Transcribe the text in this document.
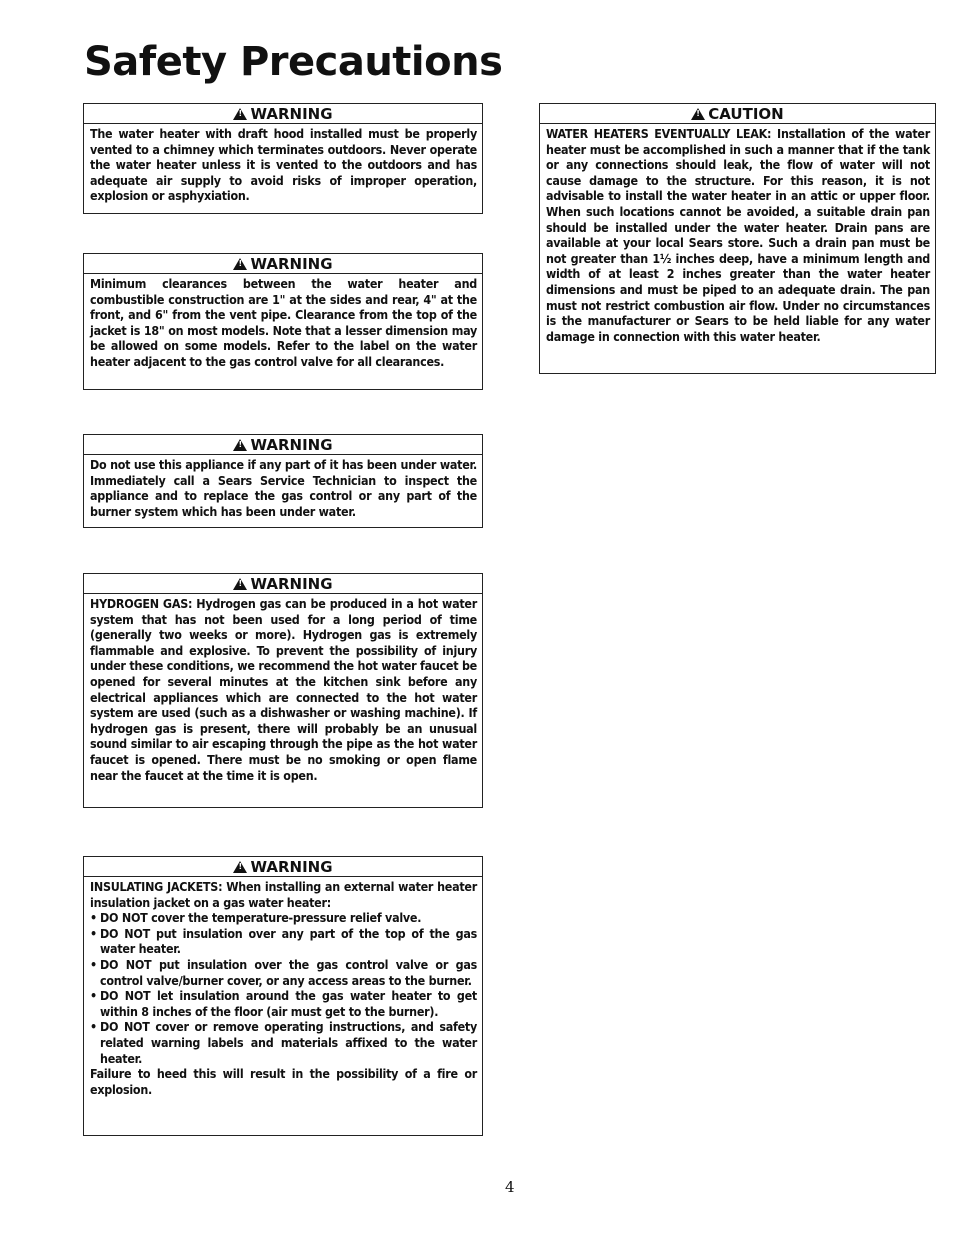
Safety Precautions
!WARNING

The water heater with draft hood installed must be properly vented to a chimney which terminates outdoors. Never operate the water heater unless it is vented to the outdoors and has adequate air supply to avoid risks of improper operation, explosion or asphyxiation.

!WARNING

Minimum clearances between the water heater and combustible construction are 1" at the sides and rear, 4" at the front, and 6" from the vent pipe. Clearance from the top of the jacket is 18" on most models. Note that a lesser dimension may be allowed on some models. Refer to the label on the water heater adjacent to the gas control valve for all clearances.

!WARNING

Do not use this appliance if any part of it has been under water. Immediately call a Sears Service Technician to inspect the appliance and to replace the gas control or any part of the burner system which has been under water.

!WARNING

HYDROGEN GAS: Hydrogen gas can be produced in a hot water system that has not been used for a long period of time (generally two weeks or more). Hydrogen gas is extremely flammable and explosive. To prevent the possibility of injury under these conditions, we recommend the hot water faucet be opened for several minutes at the kitchen sink before any electrical appliances which are connected to the hot water system are used (such as a dishwasher or washing machine). If hydrogen gas is present, there will probably be an unusual sound similar to air escaping through the pipe as the hot water faucet is opened. There must be no smoking or open flame near the faucet at the time it is open.

!WARNING

INSULATING JACKETS: When installing an external water heater insulation jacket on a gas water heater:

• DO NOT cover the temperature-pressure relief valve.
• DO NOT put insulation over any part of the top of the gas water heater.
• DO NOT put insulation over the gas control valve or gas control valve/burner cover, or any access areas to the burner.
• DO NOT let insulation around the gas water heater to get within 8 inches of the floor (air must get to the burner).
• DO NOT cover or remove operating instructions, and safety related warning labels and materials affixed to the water heater.

Failure to heed this will result in the possibility of a fire or explosion.

!CAUTION

WATER HEATERS EVENTUALLY LEAK: Installation of the water heater must be accomplished in such a manner that if the tank or any connections should leak, the flow of water will not cause damage to the structure. For this reason, it is not advisable to install the water heater in an attic or upper floor. When such locations cannot be avoided, a suitable drain pan should be installed under the water heater. Drain pans are available at your local Sears store. Such a drain pan must be not greater than 1½ inches deep, have a minimum length and width of at least 2 inches greater than the water heater dimensions and must be piped to an adequate drain. The pan must not restrict combustion air flow. Under no circumstances is the manufacturer or Sears to be held liable for any water damage in connection with this water heater.

4
